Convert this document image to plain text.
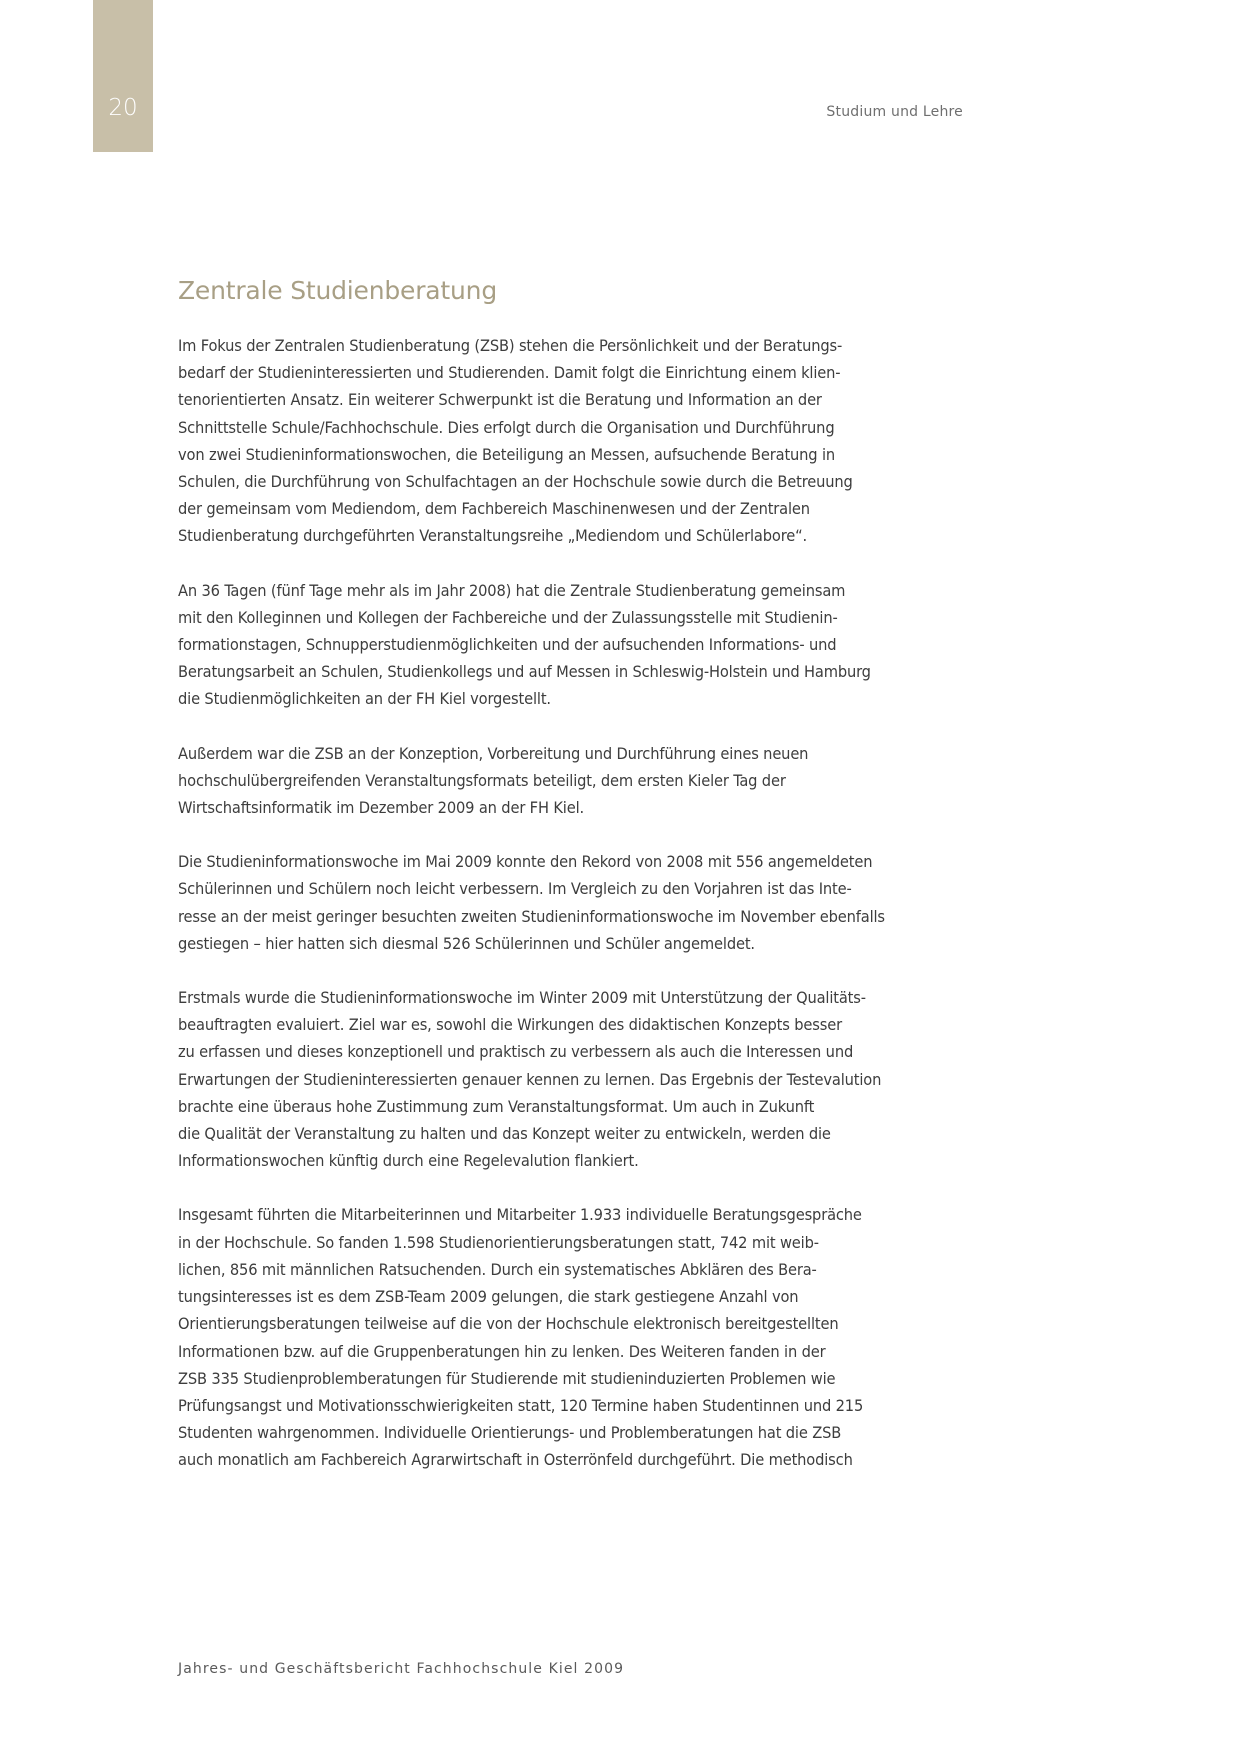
20	Studium und Lehre
Zentrale Studienberatung

Im Fokus der Zentralen Studienberatung (ZSB) stehen die Persönlichkeit und der Beratungs-
bedarf der Studieninteressierten und Studierenden. Damit folgt die Einrichtung einem klien-
tenorientierten Ansatz. Ein weiterer Schwerpunkt ist die Beratung und Information an der
Schnittstelle Schule/Fachhochschule. Dies erfolgt durch die Organisation und Durchführung
von zwei Studieninformationswochen, die Beteiligung an Messen, aufsuchende Beratung in
Schulen, die Durchführung von Schulfachtagen an der Hochschule sowie durch die Betreuung
der gemeinsam vom Mediendom, dem Fachbereich Maschinenwesen und der Zentralen
Studienberatung durchgeführten Veranstaltungsreihe „Mediendom und Schülerlabore“.

An 36 Tagen (fünf Tage mehr als im Jahr 2008) hat die Zentrale Studienberatung gemeinsam
mit den Kolleginnen und Kollegen der Fachbereiche und der Zulassungsstelle mit Studienin-
formationstagen, Schnupperstudienmöglichkeiten und der aufsuchenden Informations- und
Beratungsarbeit an Schulen, Studienkollegs und auf Messen in Schleswig-Holstein und Hamburg
die Studienmöglichkeiten an der FH Kiel vorgestellt.

Außerdem war die ZSB an der Konzeption, Vorbereitung und Durchführung eines neuen
hochschulübergreifenden Veranstaltungsformats beteiligt, dem ersten Kieler Tag der
Wirtschaftsinformatik im Dezember 2009 an der FH Kiel.

Die Studieninformationswoche im Mai 2009 konnte den Rekord von 2008 mit 556 angemeldeten
Schülerinnen und Schülern noch leicht verbessern. Im Vergleich zu den Vorjahren ist das Inte-
resse an der meist geringer besuchten zweiten Studieninformationswoche im November ebenfalls
gestiegen – hier hatten sich diesmal 526 Schülerinnen und Schüler angemeldet.

Erstmals wurde die Studieninformationswoche im Winter 2009 mit Unterstützung der Qualitäts-
beauftragten evaluiert. Ziel war es, sowohl die Wirkungen des didaktischen Konzepts besser
zu erfassen und dieses konzeptionell und praktisch zu verbessern als auch die Interessen und
Erwartungen der Studieninteressierten genauer kennen zu lernen. Das Ergebnis der Testevalution
brachte eine überaus hohe Zustimmung zum Veranstaltungsformat. Um auch in Zukunft
die Qualität der Veranstaltung zu halten und das Konzept weiter zu entwickeln, werden die
Informationswochen künftig durch eine Regelevalution flankiert.

Insgesamt führten die Mitarbeiterinnen und Mitarbeiter 1.933 individuelle Beratungsgespräche
in der Hochschule. So fanden 1.598 Studienorientierungsberatungen statt, 742 mit weib-
lichen, 856 mit männlichen Ratsuchenden. Durch ein systematisches Abklären des Bera-
tungsinteresses ist es dem ZSB-Team 2009 gelungen, die stark gestiegene Anzahl von
Orientierungsberatungen teilweise auf die von der Hochschule elektronisch bereitgestellten
Informationen bzw. auf die Gruppenberatungen hin zu lenken. Des Weiteren fanden in der
ZSB 335 Studienproblemberatungen für Studierende mit studieninduzierten Problemen wie
Prüfungsangst und Motivationsschwierigkeiten statt, 120 Termine haben Studentinnen und 215
Studenten wahrgenommen. Individuelle Orientierungs- und Problemberatungen hat die ZSB
auch monatlich am Fachbereich Agrarwirtschaft in Osterrönfeld durchgeführt. Die methodisch

Jahres- und Geschäftsbericht Fachhochschule Kiel 2009
